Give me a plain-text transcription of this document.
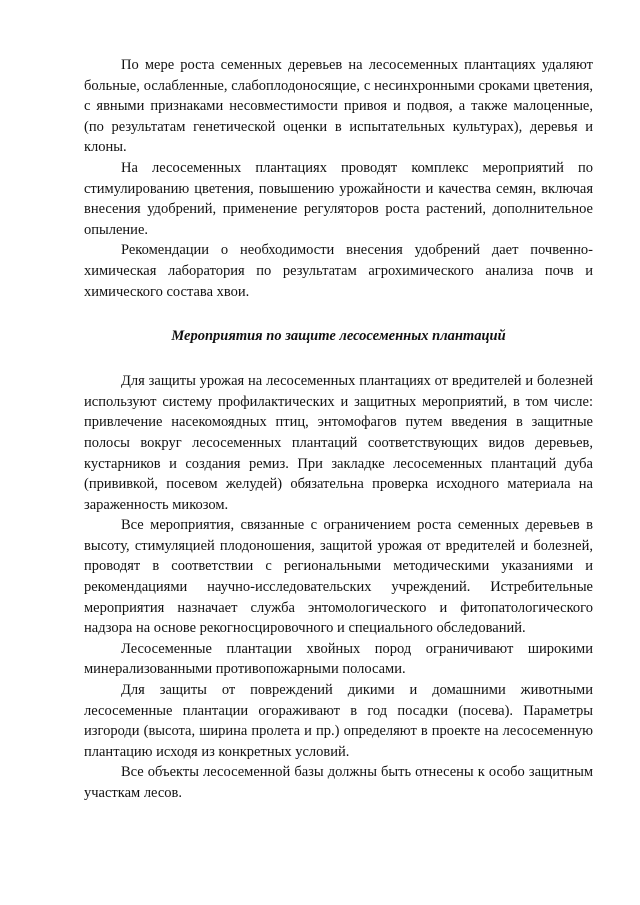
По мере роста семенных деревьев на лесосеменных плантациях удаляют больные, ослабленные, слабоплодоносящие, с несинхронными сроками цветения, с явными признаками несовместимости привоя и подвоя, а также малоценные, (по результатам генетической оценки в испытательных культурах), деревья и клоны.

На лесосеменных плантациях проводят комплекс мероприятий по стимулированию цветения, повышению урожайности и качества семян, включая внесения удобрений, применение регуляторов роста растений, дополнительное опыление.

Рекомендации о необходимости внесения удобрений дает почвенно-химическая лаборатория по результатам агрохимического анализа почв и химического состава хвои.

Мероприятия по защите лесосеменных плантаций

Для защиты урожая на лесосеменных плантациях от вредителей и болезней используют систему профилактических и защитных мероприятий, в том числе: привлечение насекомоядных птиц, энтомофагов путем введения в защитные полосы вокруг лесосеменных плантаций соответствующих видов деревьев, кустарников и создания ремиз. При закладке лесосеменных плантаций дуба (прививкой, посевом желудей) обязательна проверка исходного материала на зараженность микозом.

Все мероприятия, связанные с ограничением роста семенных деревьев в высоту, стимуляцией плодоношения, защитой урожая от вредителей и болезней, проводят в соответствии с региональными методическими указаниями и рекомендациями научно-исследовательских учреждений. Истребительные мероприятия назначает служба энтомологического и фитопатологического надзора на основе рекогносцировочного и специального обследований.

Лесосеменные плантации хвойных пород ограничивают широкими минерализованными противопожарными полосами.

Для защиты от повреждений дикими и домашними животными лесосеменные плантации огораживают в год посадки (посева). Параметры изгороди (высота, ширина пролета и пр.) определяют в проекте на лесосеменную плантацию исходя из конкретных условий.

Все объекты лесосеменной базы должны быть отнесены к особо защитным участкам лесов.
